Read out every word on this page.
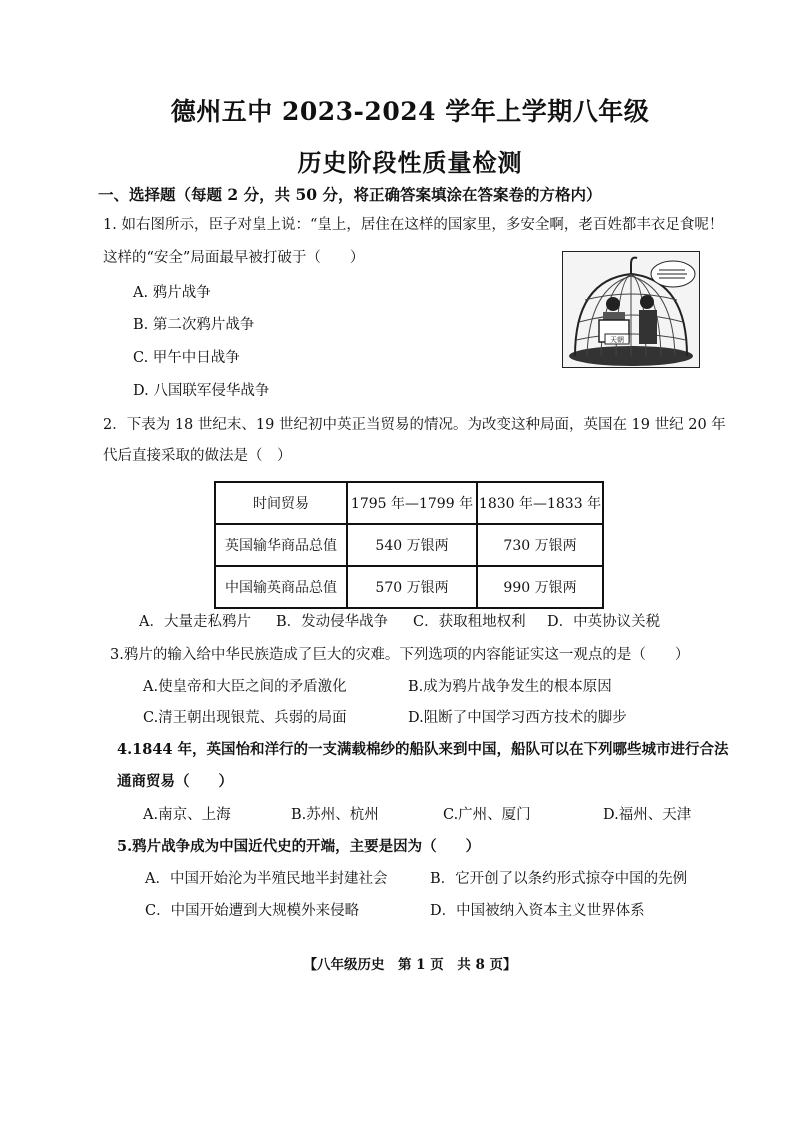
德州五中 2023-2024 学年上学期八年级
历史阶段性质量检测
一、选择题（每题 2 分，共 50 分，将正确答案填涂在答案卷的方格内）
1. 如右图所示，臣子对皇上说：“皇上，居住在这样的国家里，多安全啊，老百姓都丰衣足食呢！
这样的“安全”局面最早被打破于（　　）
A. 鸦片战争
B. 第二次鸦片战争
C. 甲午中日战争
D. 八国联军侵华战争
天朝
2．下表为 18 世纪末、19 世纪初中英正当贸易的情况。为改变这种局面，英国在 19 世纪 20 年
代后直接采取的做法是（　）
时间贸易	1795 年—1799 年	1830 年—1833 年
英国输华商品总值	540 万银两	730 万银两
中国输英商品总值	570 万银两	990 万银两
A．大量走私鸦片 B．发动侵华战争 C．获取租地权利 D．中英协议关税
3.鸦片的输入给中华民族造成了巨大的灾难。下列选项的内容能证实这一观点的是（　　）
A.使皇帝和大臣之间的矛盾激化	B.成为鸦片战争发生的根本原因
C.清王朝出现银荒、兵弱的局面	D.阻断了中国学习西方技术的脚步
4.1844 年，英国怡和洋行的一支满载棉纱的船队来到中国，船队可以在下列哪些城市进行合法
通商贸易（　　）
A.南京、上海	B.苏州、杭州	C.广州、厦门	D.福州、天津
5.鸦片战争成为中国近代史的开端，主要是因为（　　）
A．中国开始沦为半殖民地半封建社会	B．它开创了以条约形式掠夺中国的先例
C．中国开始遭到大规模外来侵略	D．中国被纳入资本主义世界体系
【八年级历史　第 1 页　共 8 页】
